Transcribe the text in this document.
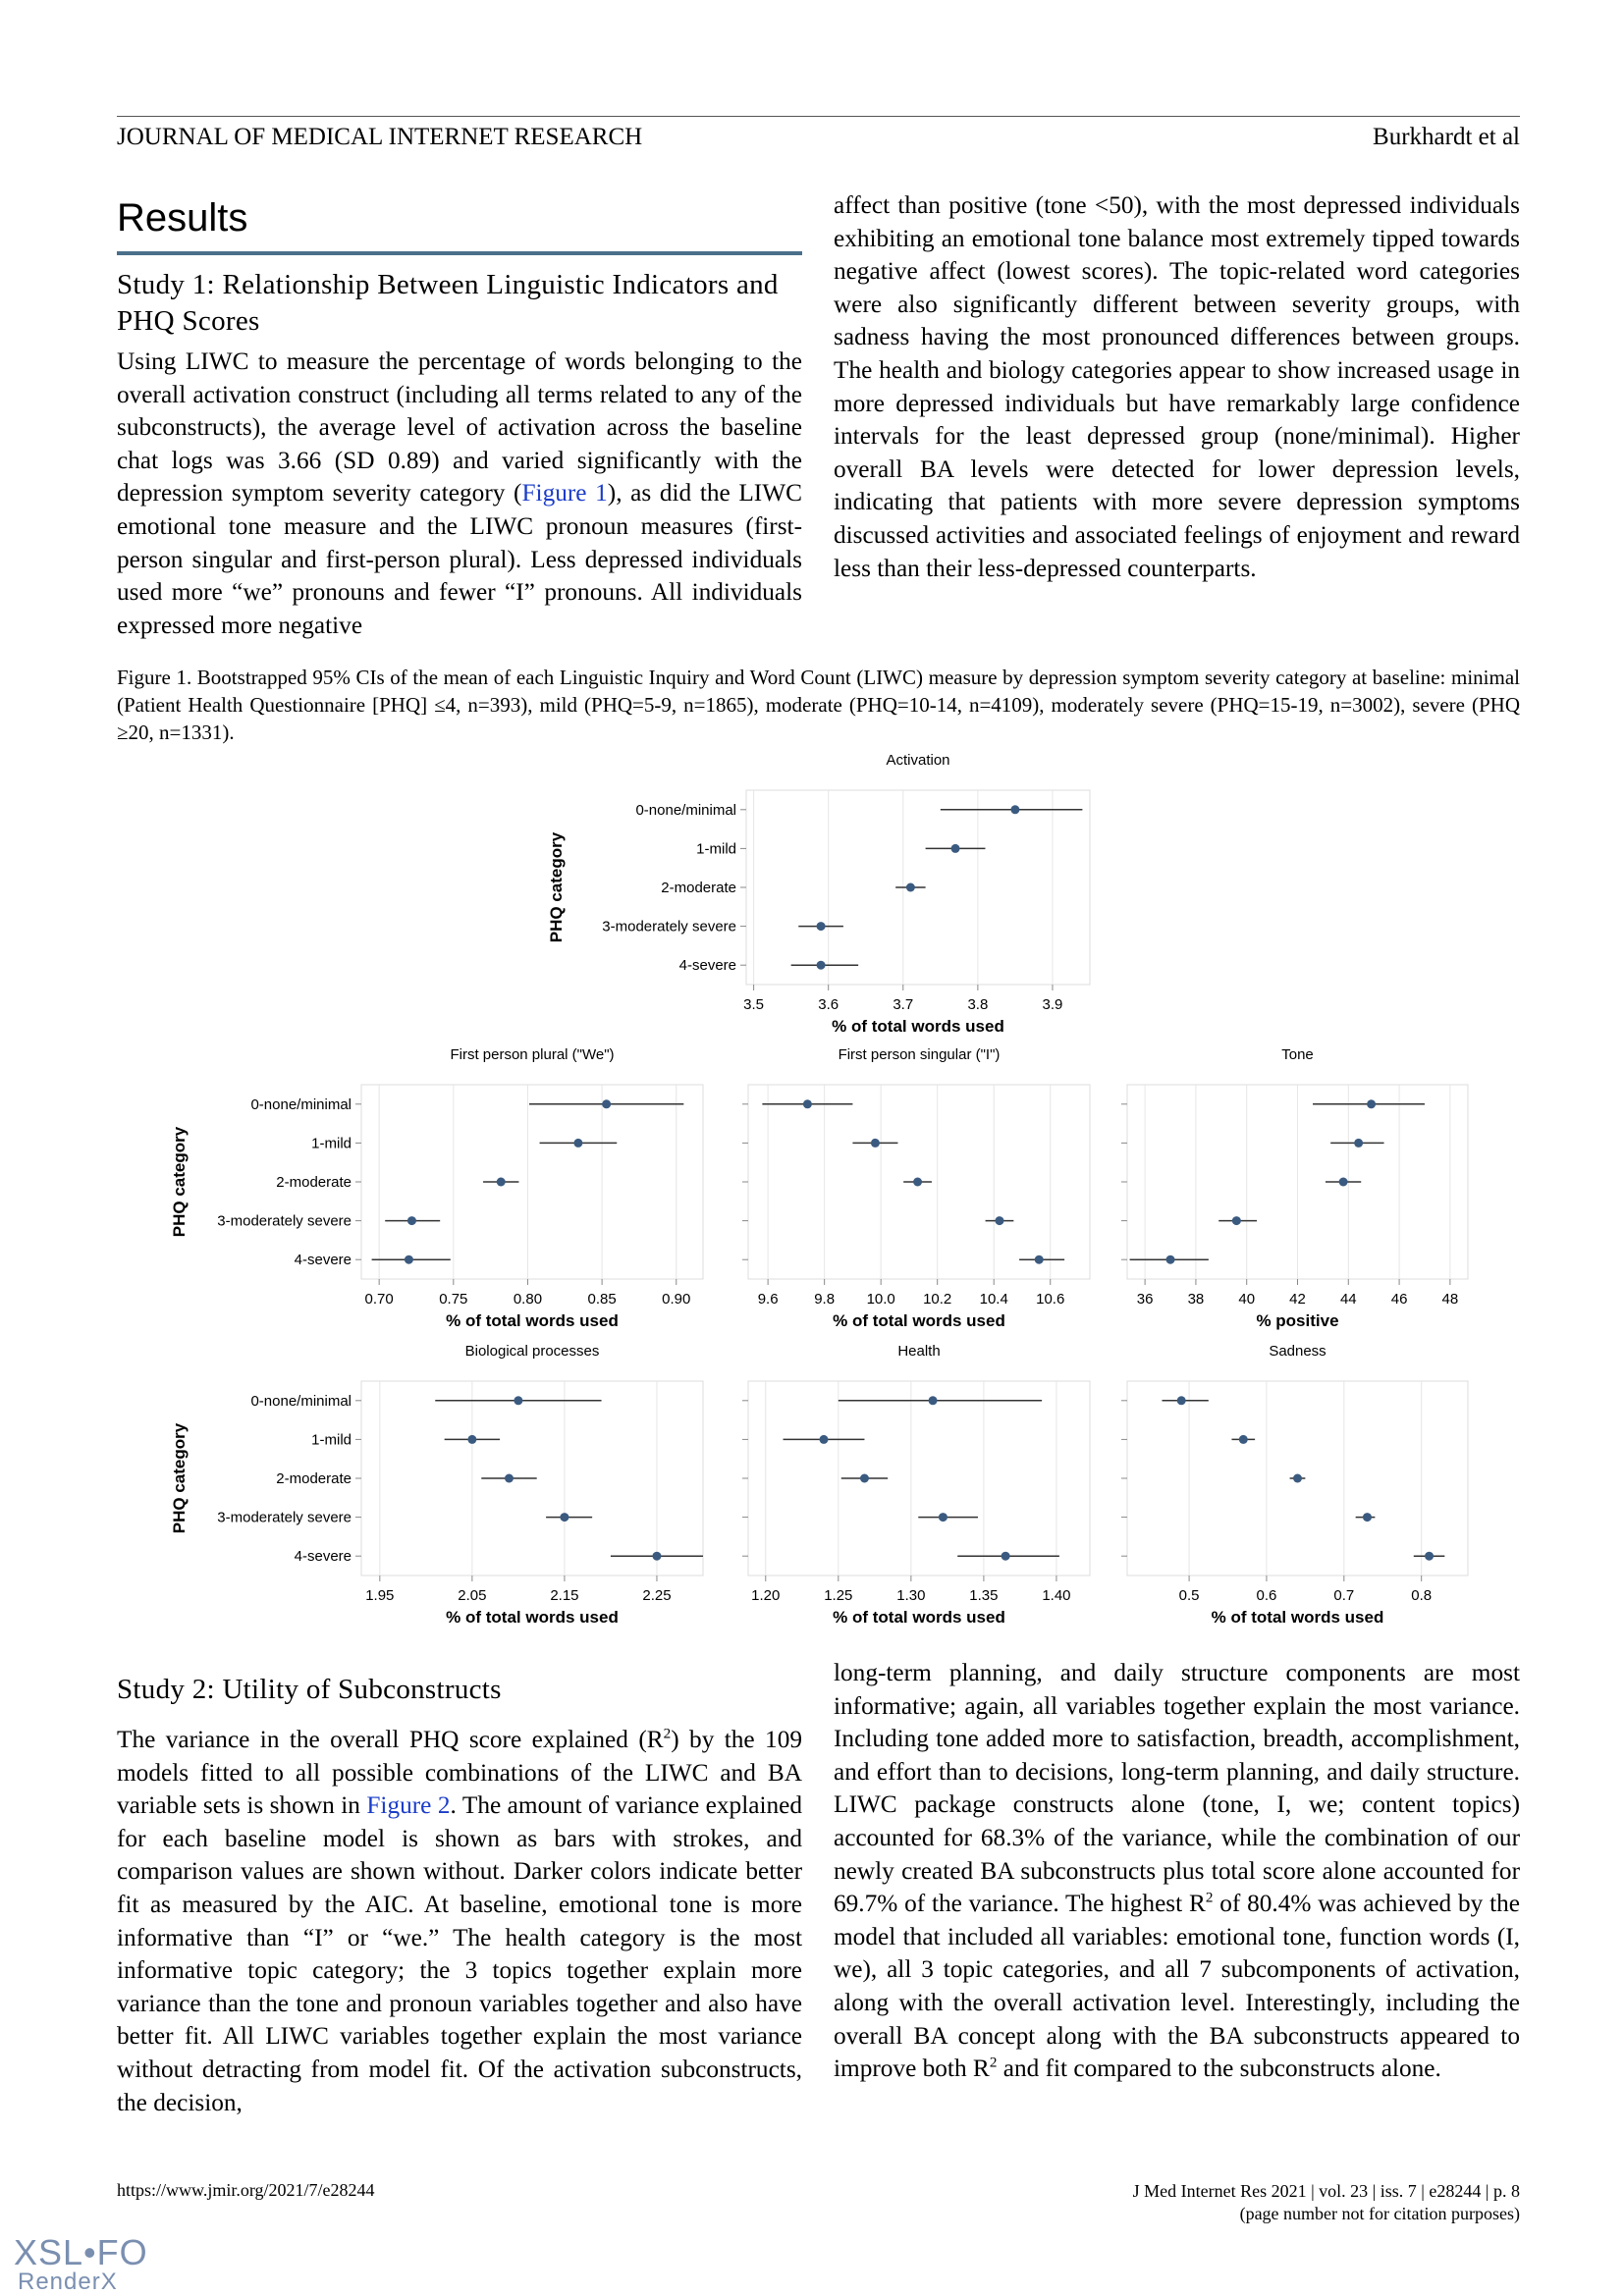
JOURNAL OF MEDICAL INTERNET RESEARCH	Burkhardt et al
Results
Study 1: Relationship Between Linguistic Indicators and PHQ Scores

Using LIWC to measure the percentage of words belonging to the overall activation construct (including all terms related to any of the subconstructs), the average level of activation across the baseline chat logs was 3.66 (SD 0.89) and varied significantly with the depression symptom severity category (Figure 1), as did the LIWC emotional tone measure and the LIWC pronoun measures (first-person singular and first-person plural). Less depressed individuals used more “we” pronouns and fewer “I” pronouns. All individuals expressed more negative

affect than positive (tone <50), with the most depressed individuals exhibiting an emotional tone balance most extremely tipped towards negative affect (lowest scores). The topic-related word categories were also significantly different between severity groups, with sadness having the most pronounced differences between groups. The health and biology categories appear to show increased usage in more depressed individuals but have remarkably large confidence intervals for the least depressed group (none/minimal). Higher overall BA levels were detected for lower depression levels, indicating that patients with more severe depression symptoms discussed activities and associated feelings of enjoyment and reward less than their less-depressed counterparts.

Figure 1. Bootstrapped 95% CIs of the mean of each Linguistic Inquiry and Word Count (LIWC) measure by depression symptom severity category at baseline: minimal (Patient Health Questionnaire [PHQ] ≤4, n=393), mild (PHQ=5-9, n=1865), moderate (PHQ=10-14, n=4109), moderately severe (PHQ=15-19, n=3002), severe (PHQ ≥20, n=1331).
3.5	3.6	3.7	3.8	3.9
Activation
% of total words used
0-none/minimal
1-mild
2-moderate
3-moderately severe
4-severe
PHQ category
0.70	0.75	0.80	0.85	0.90
First person plural ("We")
% of total words used
0-none/minimal
1-mild
2-moderate
3-moderately severe
4-severe
PHQ category
9.6 9.8 10.0 10.2 10.4 10.6
First person singular ("I")
% of total words used
36 38 40 42 44 46 48
Tone
% positive
1.95	2.05	2.15	2.25
Biological processes
% of total words used
0-none/minimal
1-mild
2-moderate
3-moderately severe
4-severe
PHQ category
1.20	1.25	1.30	1.35	1.40
Health
% of total words used
0.5	0.6	0.7	0.8
Sadness
% of total words used
Study 2: Utility of Subconstructs

The variance in the overall PHQ score explained $(R^2)$ by the 109 models fitted to all possible combinations of the LIWC and BA variable sets is shown in Figure 2. The amount of variance explained for each baseline model is shown as bars with strokes, and comparison values are shown without. Darker colors indicate better fit as measured by the AIC. At baseline, emotional tone is more informative than “I” or “we.” The health category is the most informative topic category; the 3 topics together explain more variance than the tone and pronoun variables together and also have better fit. All LIWC variables together explain the most variance without detracting from model fit. Of the activation subconstructs, the decision,

long-term planning, and daily structure components are most informative; again, all variables together explain the most variance. Including tone added more to satisfaction, breadth, accomplishment, and effort than to decisions, long-term planning, and daily structure. LIWC package constructs alone (tone, I, we; content topics) accounted for 68.3% of the variance, while the combination of our newly created BA subconstructs plus total score alone accounted for 69.7% of the variance. The highest $R^2$ of 80.4% was achieved by the model that included all variables: emotional tone, function words (I, we), all 3 topic categories, and all 7 subcomponents of activation, along with the overall activation level. Interestingly, including the overall BA concept along with the BA subconstructs appeared to improve both $R^2$ and fit compared to the subconstructs alone.

https://www.jmir.org/2021/7/e28244	J Med Internet Res 2021 | vol. 23 | iss. 7 | e28244 | p. 8
(page number not for citation purposes)
XSL•FO
RenderX
